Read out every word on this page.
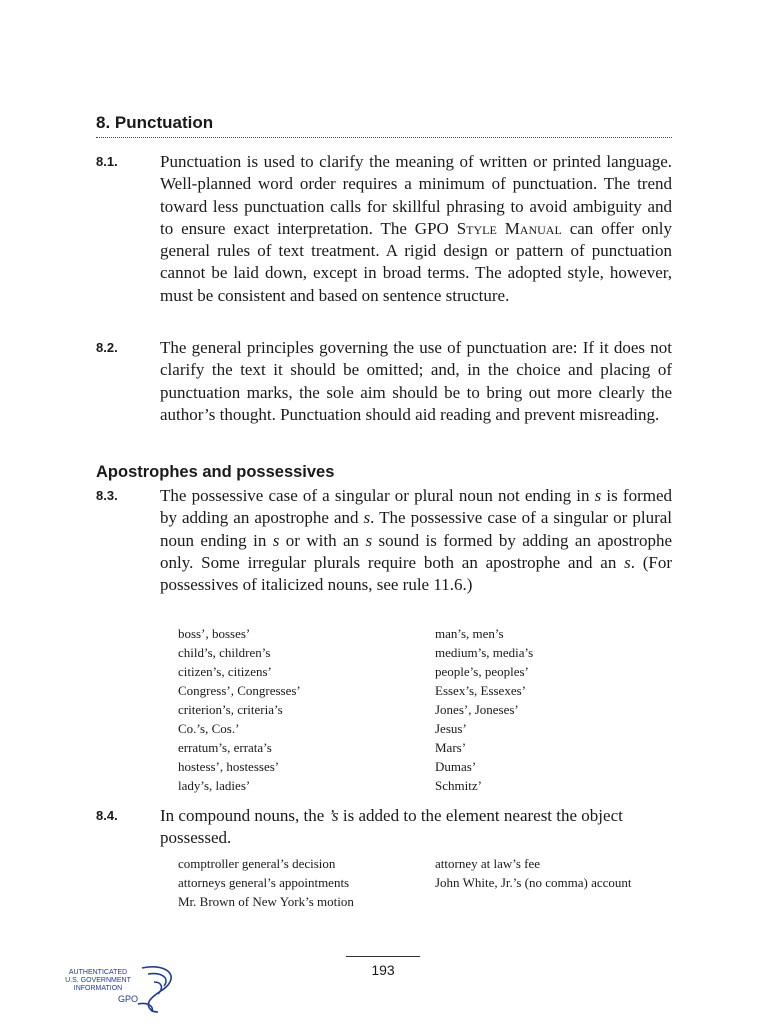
8. Punctuation
8.1.	Punctuation is used to clarify the meaning of written or printed language. Well-planned word order requires a minimum of punctuation. The trend toward less punctuation calls for skillful phrasing to avoid ambiguity and to ensure exact interpretation. The GPO Style Manual can offer only general rules of text treatment. A rigid design or pattern of punctuation cannot be laid down, except in broad terms. The adopted style, however, must be consistent and based on sentence structure.
8.2.	The general principles governing the use of punctuation are: If it does not clarify the text it should be omitted; and, in the choice and placing of punctuation marks, the sole aim should be to bring out more clearly the author’s thought. Punctuation should aid reading and prevent misreading.
Apostrophes and possessives
8.3.	The possessive case of a singular or plural noun not ending in s is formed by adding an apostrophe and s. The possessive case of a singular or plural noun ending in s or with an s sound is formed by adding an apostrophe only. Some irregular plurals require both an apostrophe and an s. (For possessives of italicized nouns, see rule 11.6.)
boss’, bosses’	man’s, men’s
child’s, children’s	medium’s, media’s
citizen’s, citizens’	people’s, peoples’
Congress’, Congresses’	Essex’s, Essexes’
criterion’s, criteria’s	Jones’, Joneses’
Co.’s, Cos.’	Jesus’
erratum’s, errata’s	Mars’
hostess’, hostesses’	Dumas’
lady’s, ladies’	Schmitz’
8.4.	In compound nouns, the ’s is added to the element nearest the object possessed.
comptroller general’s decision	attorney at law’s fee
attorneys general’s appointments	John White, Jr.’s (no comma) account
Mr. Brown of New York’s motion
193
AUTHENTICATED
U.S. GOVERNMENT
INFORMATION
GPO
